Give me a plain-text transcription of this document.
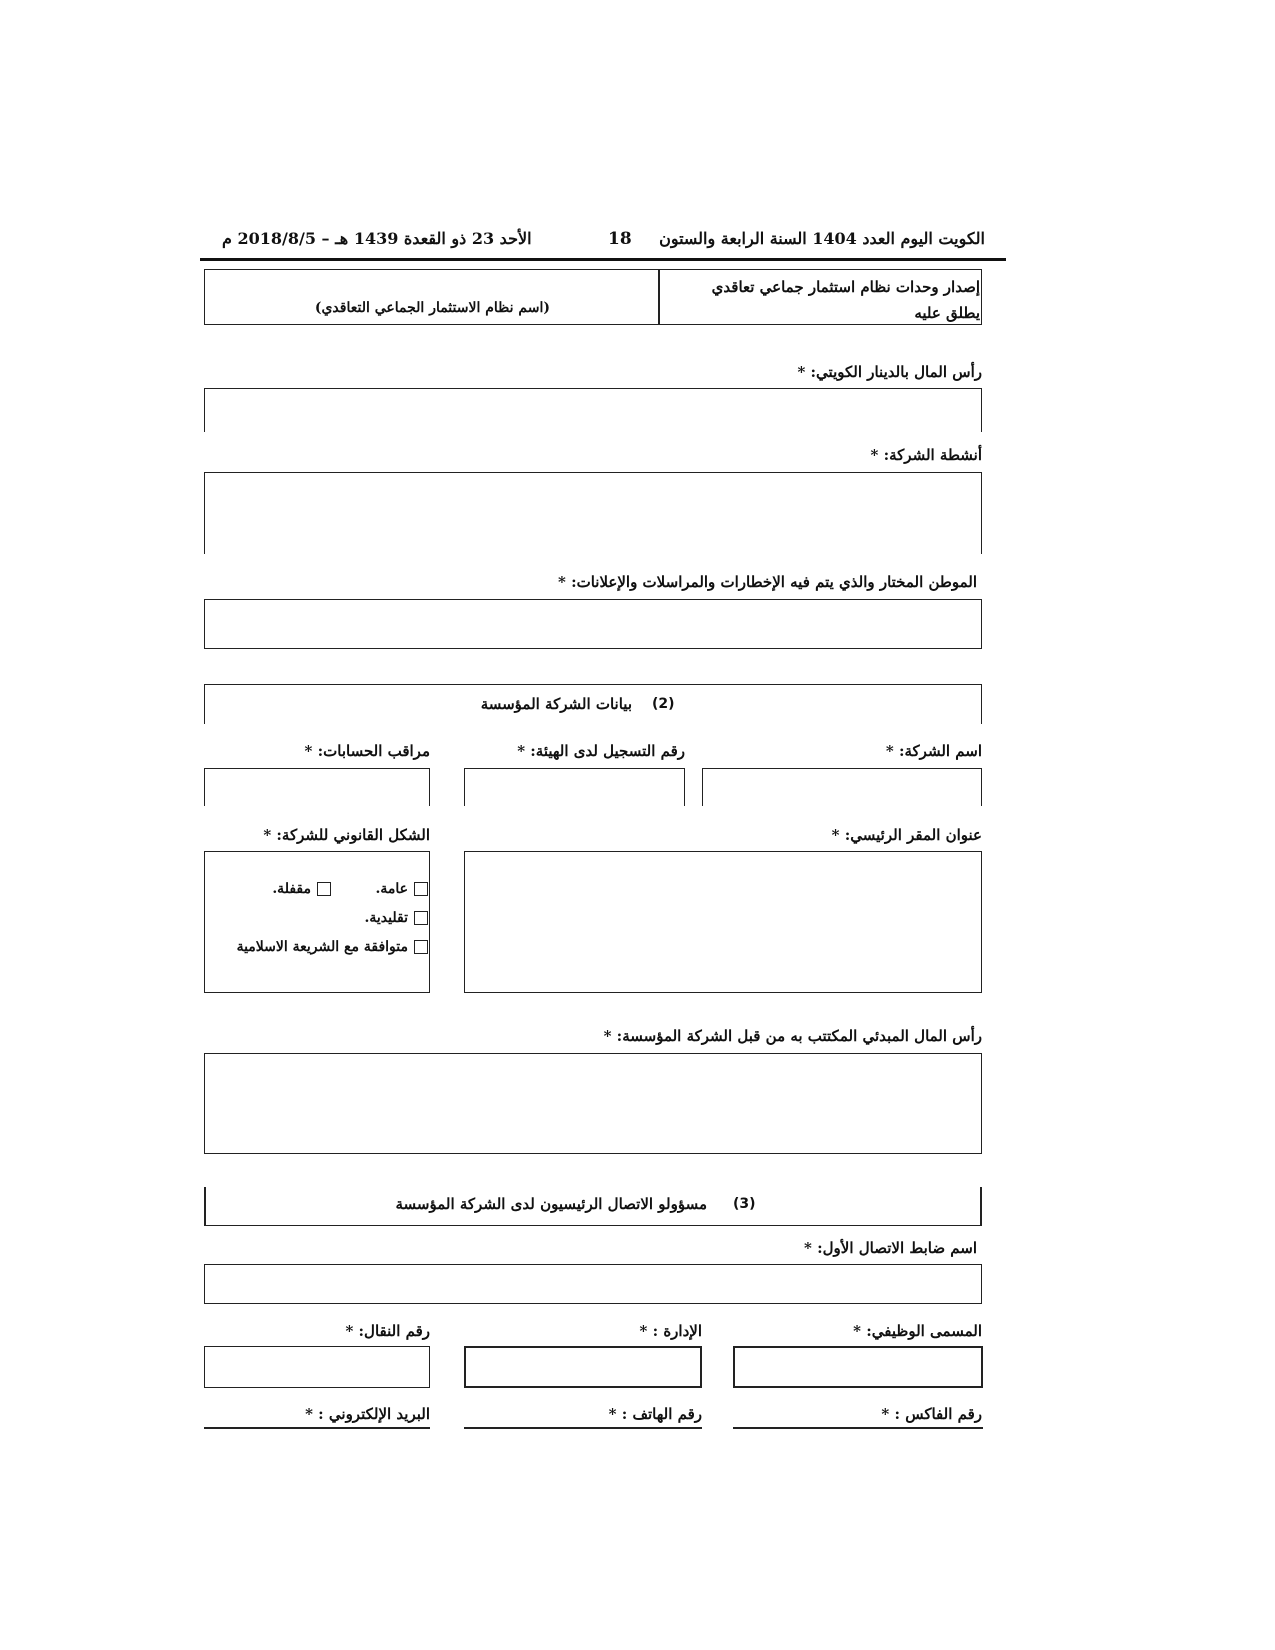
الكويت اليوم العدد 1404 السنة الرابعة والستون
18
الأحد 23 ذو القعدة 1439 هـ – 2018/8/5 م
إصدار وحدات نظام استثمار جماعي تعاقدي يطلق عليه
(اسم نظام الاستثمار الجماعي التعاقدي)
رأس المال بالدينار الكويتي: *
أنشطة الشركة: *
الموطن المختار والذي يتم فيه الإخطارات والمراسلات والإعلانات: *
بيانات الشركة المؤسسة (2)
اسم الشركة: *
رقم التسجيل لدى الهيئة: *
مراقب الحسابات: *
عنوان المقر الرئيسي: *
الشكل القانوني للشركة: *
عامة.
مقفلة.
تقليدية.
متوافقة مع الشريعة الاسلامية
رأس المال المبدئي المكتتب به من قبل الشركة المؤسسة: *
مسؤولو الاتصال الرئيسيون لدى الشركة المؤسسة (3)
اسم ضابط الاتصال الأول: *
المسمى الوظيفي: *
الإدارة : *
رقم النقال: *
رقم الفاكس : *
رقم الهاتف : *
البريد الإلكتروني : *
